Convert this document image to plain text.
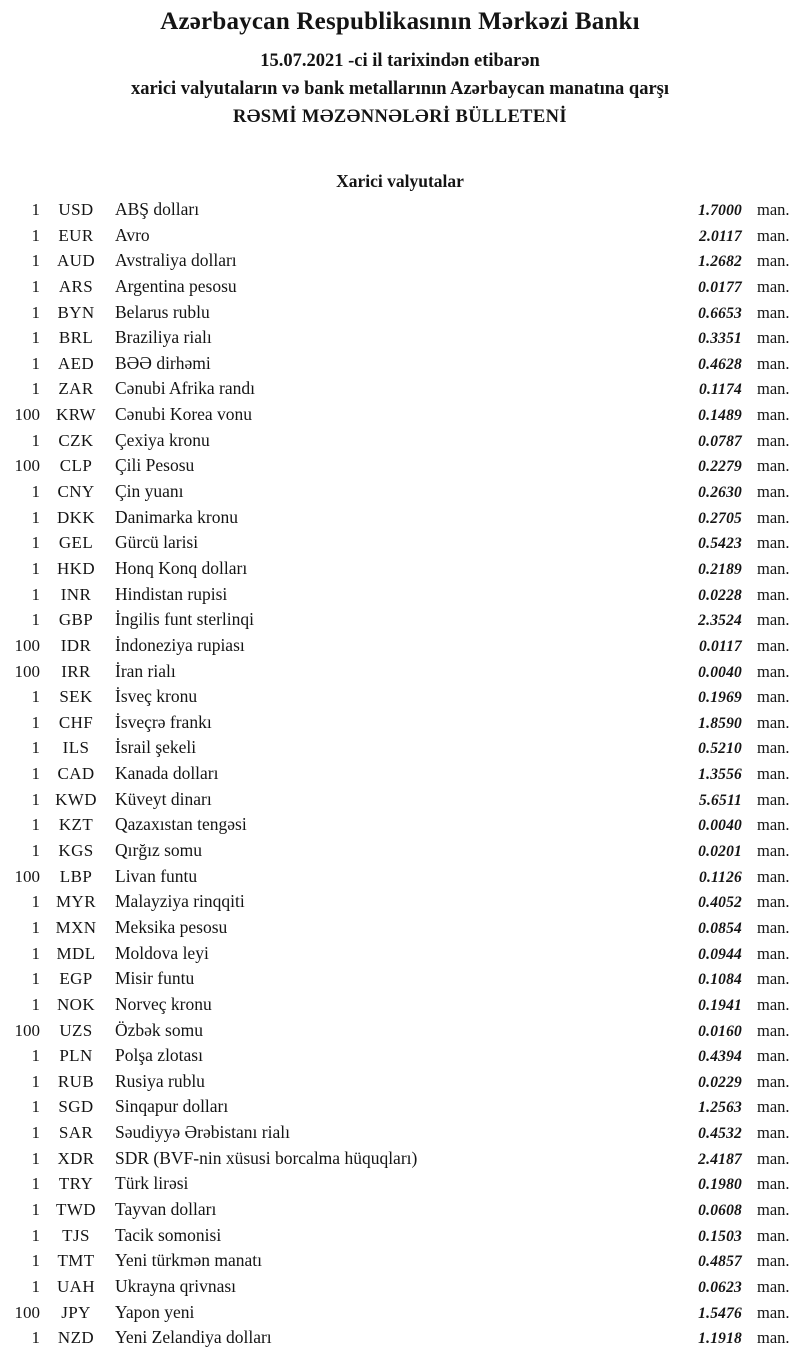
Azərbaycan Respublikasının Mərkəzi Bankı
15.07.2021 -ci il tarixindən etibarən
xarici valyutaların və bank metallarının Azərbaycan manatına qarşı
RƏSMİ MƏZƏNNƏLƏRİ BÜLLETENİ
Xarici valyutalar
1	USD	ABŞ dolları	1.7000 man.
1	EUR	Avro	2.0117 man.
1 AUD	Avstraliya dolları	1.2682 man.
1	ARS	Argentina pesosu	0.0177 man.
1	BYN	Belarus rublu	0.6653 man.
1	BRL	Braziliya rialı	0.3351 man.
1	AED	BƏƏ dirhəmi	0.4628 man.
1	ZAR	Cənubi Afrika randı	0.1174 man.
100 KRW	Cənubi Korea vonu	0.1489 man.
1	CZK	Çexiya kronu	0.0787 man.
100	CLP	Çili Pesosu	0.2279 man.
1	CNY	Çin yuanı	0.2630 man.
1 DKK	Danimarka kronu	0.2705 man.
1	GEL	Gürcü larisi	0.5423 man.
1 HKD	Honq Konq dolları	0.2189 man.
1	INR	Hindistan rupisi	0.0228 man.
1	GBP	İngilis funt sterlinqi	2.3524 man.
100	IDR	İndoneziya rupiası	0.0117 man.
100	IRR	İran rialı	0.0040 man.
1	SEK	İsveç kronu	0.1969 man.
1	CHF	İsveçrə frankı	1.8590 man.
1	ILS	İsrail şekeli	0.5210 man.
1	CAD	Kanada dolları	1.3556 man.
1 KWD	Küveyt dinarı	5.6511 man.
1	KZT	Qazaxıstan tengəsi	0.0040 man.
1	KGS	Qırğız somu	0.0201 man.
100	LBP	Livan funtu	0.1126 man.
1 MYR	Malayziya rinqqiti	0.4052 man.
1 MXN	Meksika pesosu	0.0854 man.
1 MDL	Moldova leyi	0.0944 man.
1	EGP	Misir funtu	0.1084 man.
1 NOK	Norveç kronu	0.1941 man.
100	UZS	Özbək somu	0.0160 man.
1	PLN	Polşa zlotası	0.4394 man.
1	RUB	Rusiya rublu	0.0229 man.
1	SGD	Sinqapur dolları	1.2563 man.
1	SAR	Səudiyyə Ərəbistanı rialı	0.4532 man.
1	XDR	SDR (BVF-nin xüsusi borcalma hüquqları)	2.4187 man.
1	TRY	Türk lirəsi	0.1980 man.
1 TWD	Tayvan dolları	0.0608 man.
1	TJS	Tacik somonisi	0.1503 man.
1	TMT	Yeni türkmən manatı	0.4857 man.
1 UAH	Ukrayna qrivnası	0.0623 man.
100	JPY	Yapon yeni	1.5476 man.
1	NZD	Yeni Zelandiya dolları	1.1918 man.
